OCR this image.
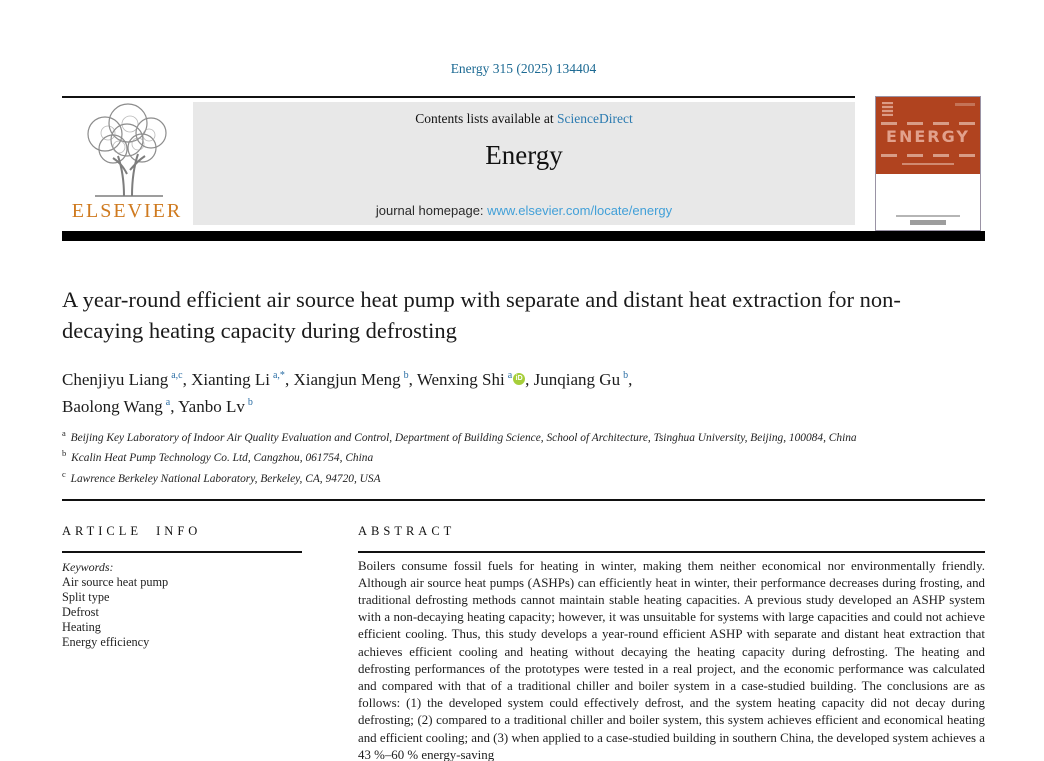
Energy 315 (2025) 134404
ELSEVIER
Contents lists available at ScienceDirect
Energy
journal homepage: www.elsevier.com/locate/energy
ENERGY
A year-round efficient air source heat pump with separate and distant heat extraction for non-decaying heating capacity during defrosting
Chenjiyu Liang $^{a,c}$, Xianting Li $^{a,*}$, Xiangjun Meng $^b$, Wenxing Shi $^a$ iD , Junqiang Gu $^b$,
Baolong Wang $^a$, Yanbo Lv $^b$
$^a$ Beijing Key Laboratory of Indoor Air Quality Evaluation and Control, Department of Building Science, School of Architecture, Tsinghua University, Beijing, 100084, China
$^b$ Kcalin Heat Pump Technology Co. Ltd, Cangzhou, 061754, China
$^c$ Lawrence Berkeley National Laboratory, Berkeley, CA, 94720, USA
ARTICLE INFO
Keywords:
Air source heat pump
Split type
Defrost
Heating
Energy efficiency
ABSTRACT

Boilers consume fossil fuels for heating in winter, making them neither economical nor environmentally friendly. Although air source heat pumps (ASHPs) can efficiently heat in winter, their performance decreases during frosting, and traditional defrosting methods cannot maintain stable heating capacities. A previous study developed an ASHP system with a non-decaying heating capacity; however, it was unsuitable for systems with large capacities and could not achieve efficient cooling. Thus, this study develops a year-round efficient ASHP with separate and distant heat extraction that achieves efficient cooling and heating without decaying the heating capacity during defrosting. The heating and defrosting performances of the prototypes were tested in a real project, and the economic performance was calculated and compared with that of a traditional chiller and boiler system in a case-studied building. The conclusions are as follows: (1) the developed system could effectively defrost, and the system heating capacity did not decay during defrosting; (2) compared to a traditional chiller and boiler system, this system achieves efficient and economical heating and efficient cooling; and (3) when applied to a case-studied building in southern China, the developed system achieves a 43 %–60 % energy-saving
